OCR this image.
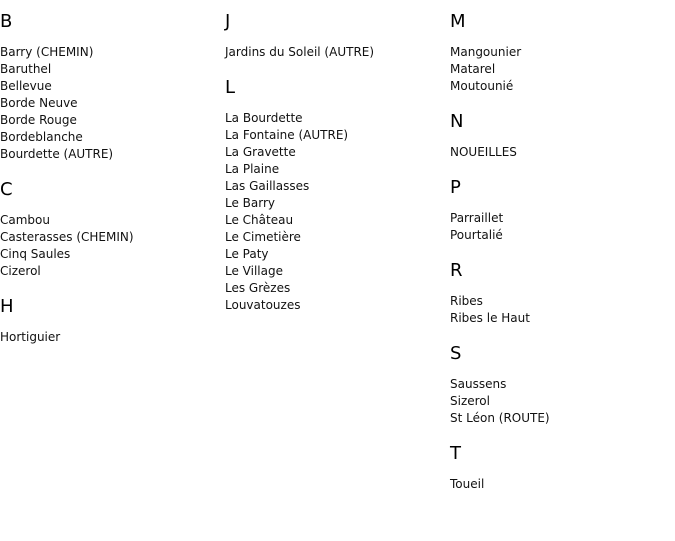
B
Barry (CHEMIN)
Baruthel
Bellevue
Borde Neuve
Borde Rouge
Bordeblanche
Bourdette (AUTRE)
C
Cambou
Casterasses (CHEMIN)
Cinq Saules
Cizerol
H
Hortiguier
J
Jardins du Soleil (AUTRE)
L
La Bourdette
La Fontaine (AUTRE)
La Gravette
La Plaine
Las Gaillasses
Le Barry
Le Château
Le Cimetière
Le Paty
Le Village
Les Grèzes
Louvatouzes
M
Mangounier
Matarel
Moutounié
N
NOUEILLES
P
Parraillet
Pourtalié
R
Ribes
Ribes le Haut
S
Saussens
Sizerol
St Léon (ROUTE)
T
Toueil
